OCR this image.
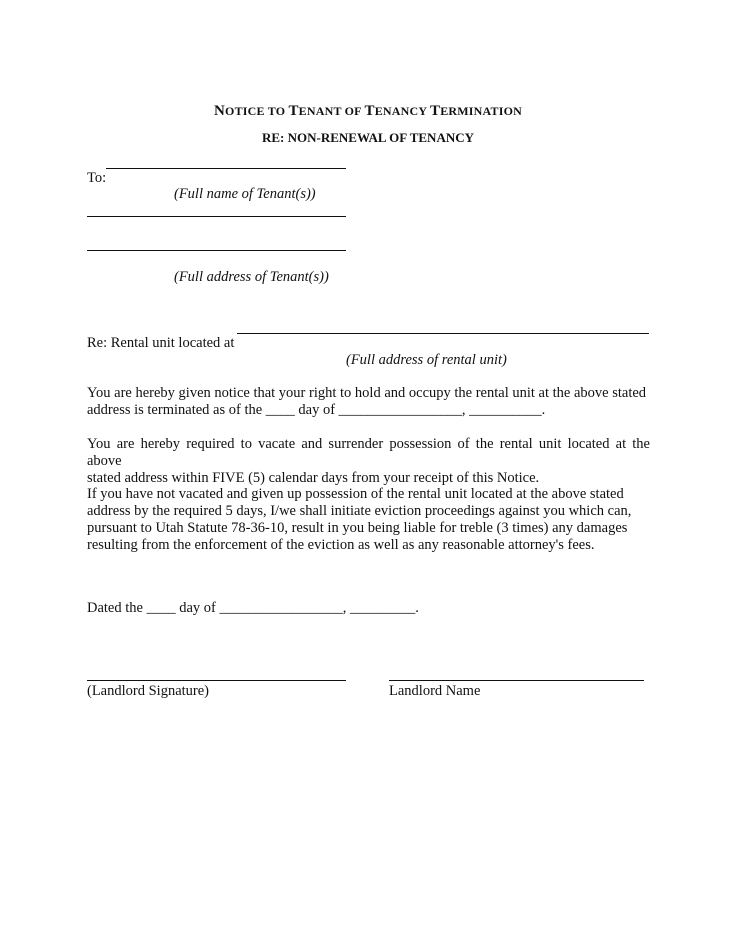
NOTICE TO TENANT OF TENANCY TERMINATION
RE: NON-RENEWAL OF TENANCY
To:
(Full name of Tenant(s))
(Full address of Tenant(s))
Re: Rental unit located at
(Full address of rental unit)
You are hereby given notice that your right to hold and occupy the rental unit at the above stated
address is terminated as of the ____ day of _________________, __________.
You are hereby required to vacate and surrender possession of the rental unit located at the above
stated address within FIVE (5) calendar days from your receipt of this Notice.
If you have not vacated and given up possession of the rental unit located at the above stated
address by the required 5 days, I/we shall initiate eviction proceedings against you which can,
pursuant to Utah Statute 78-36-10, result in you being liable for treble (3 times) any damages
resulting from the enforcement of the eviction as well as any reasonable attorney's fees.
Dated the ____ day of _________________, _________.
(Landlord Signature)	Landlord Name
